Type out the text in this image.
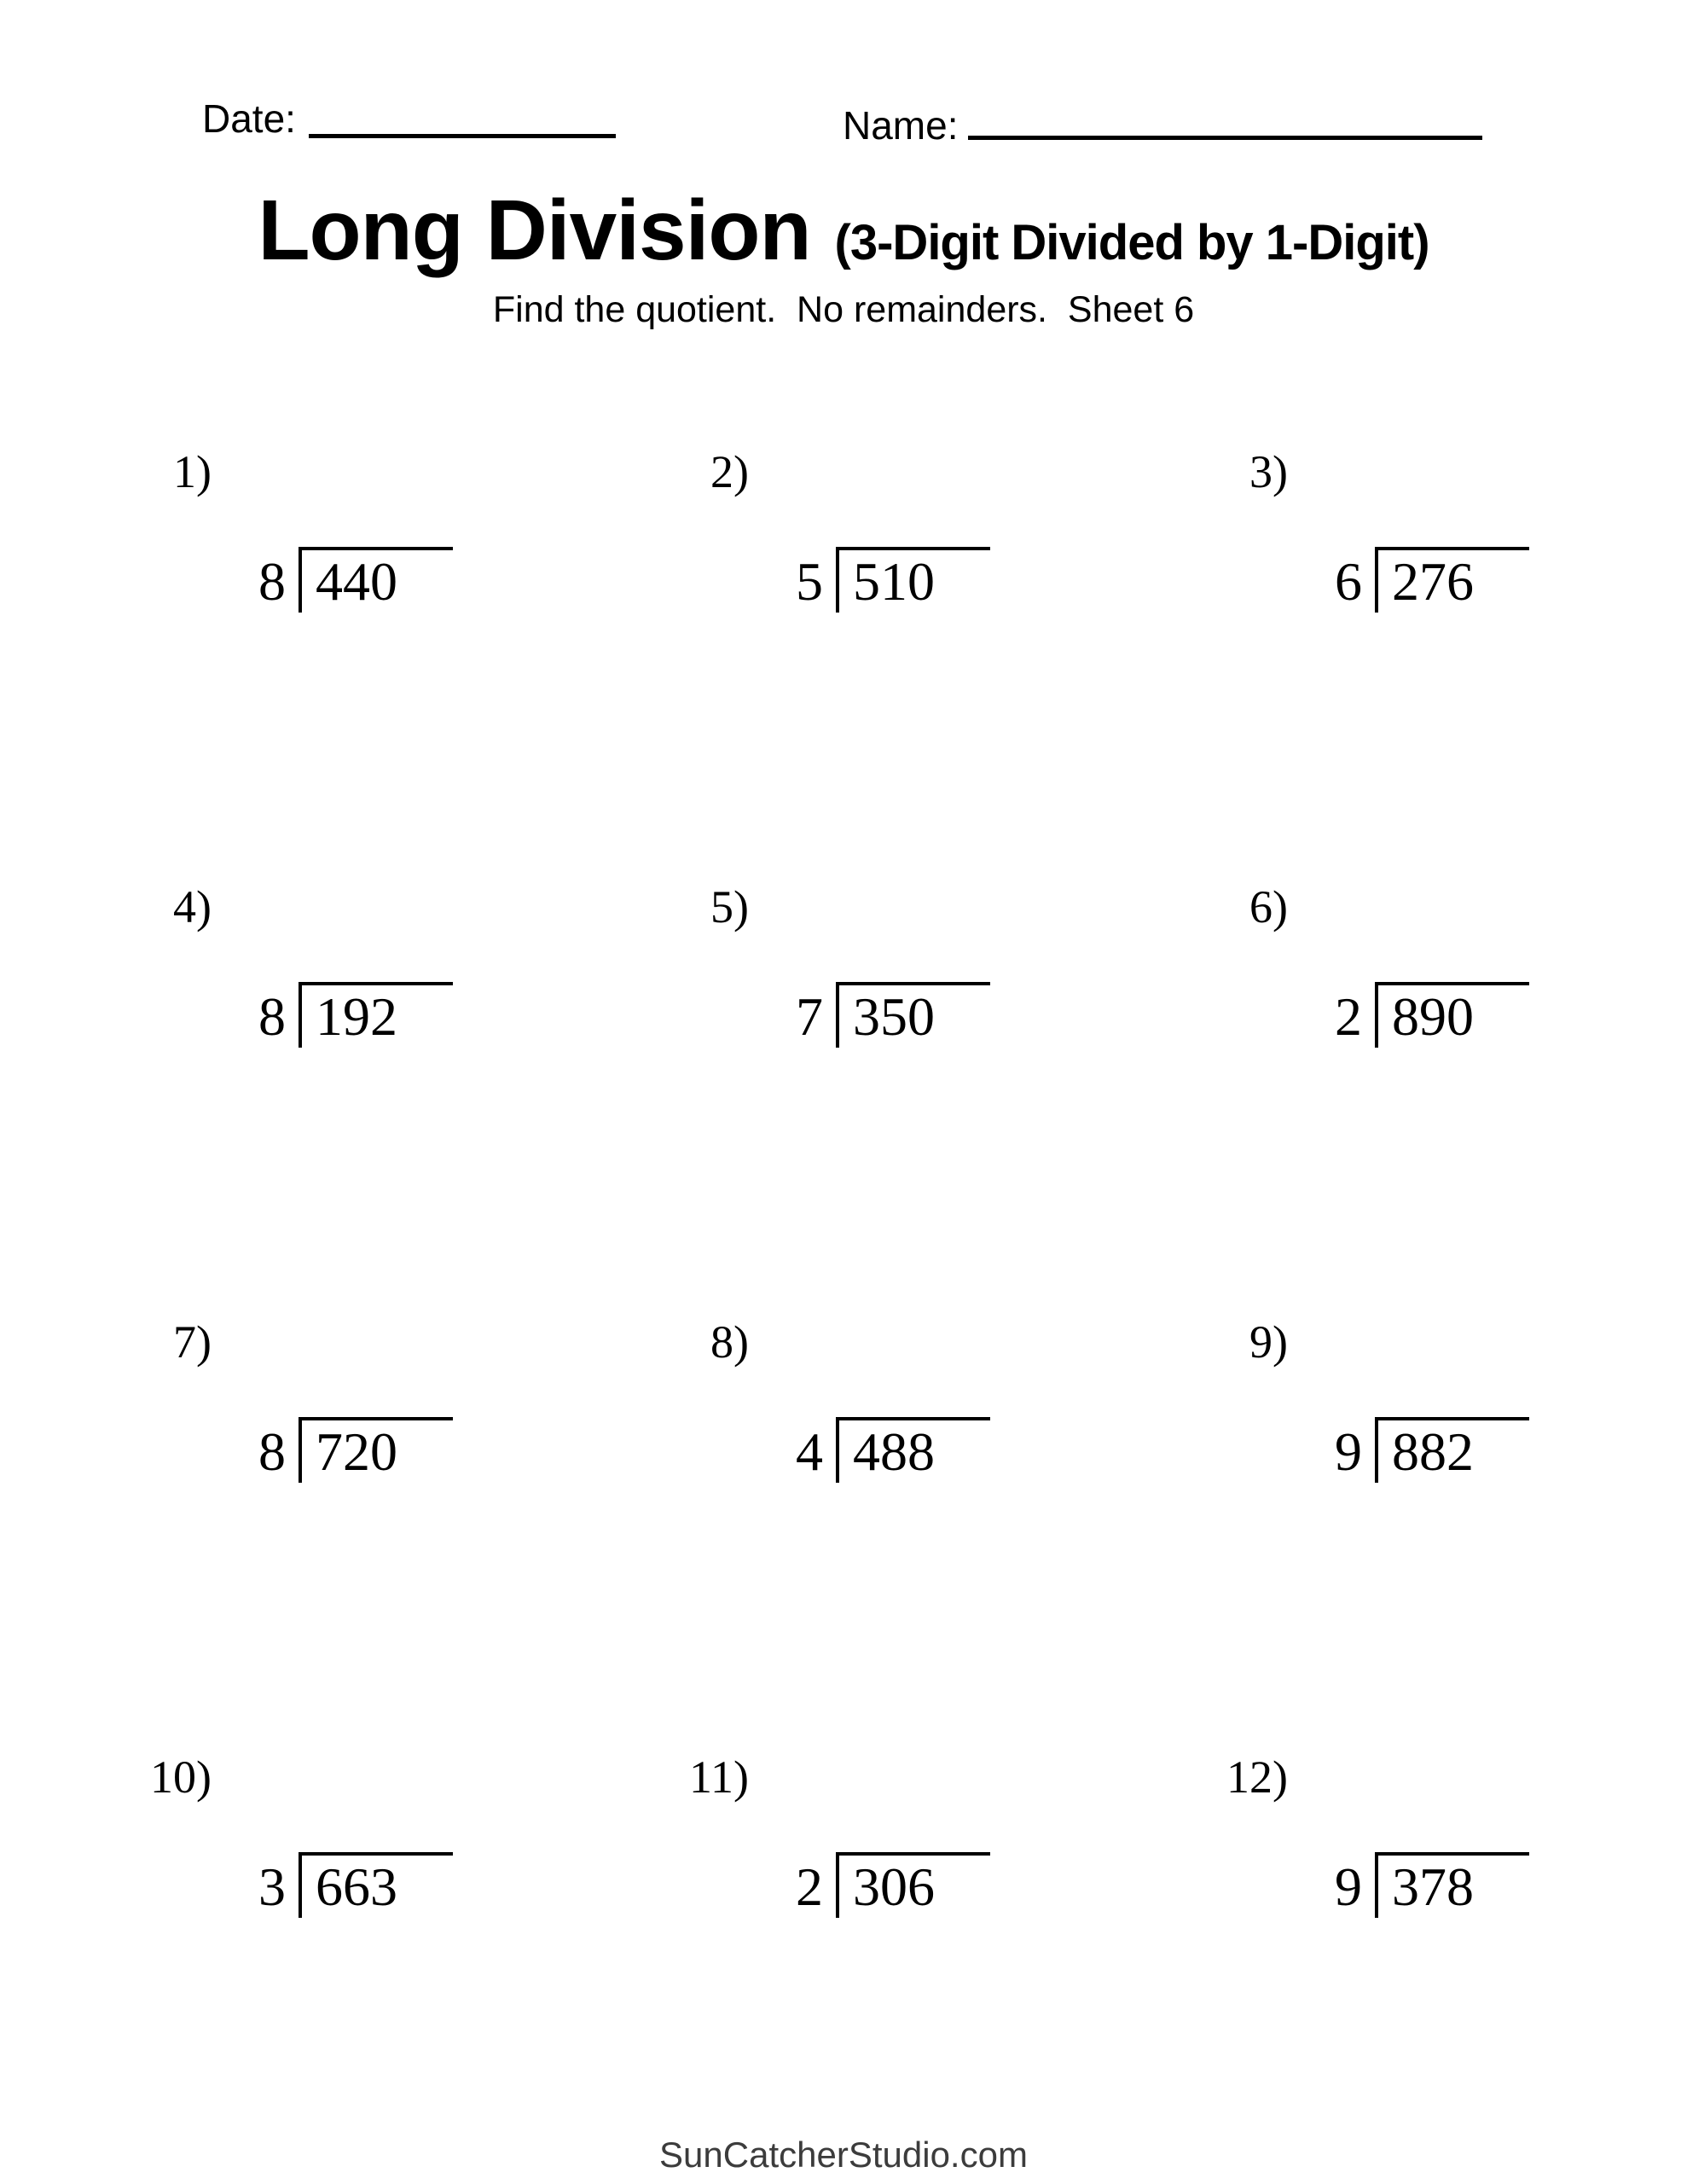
Date:	Name:
Long Division (3-Digit Divided by 1-Digit)
Find the quotient.  No remainders.  Sheet 6
1)
8 440
2)
5 510
3)
6 276
4)
8 192
5)
7 350
6)
2 890
7)
8 720
8)
4 488
9)
9 882
10)
3 663
11)
2 306
12)
9 378
SunCatcherStudio.com
